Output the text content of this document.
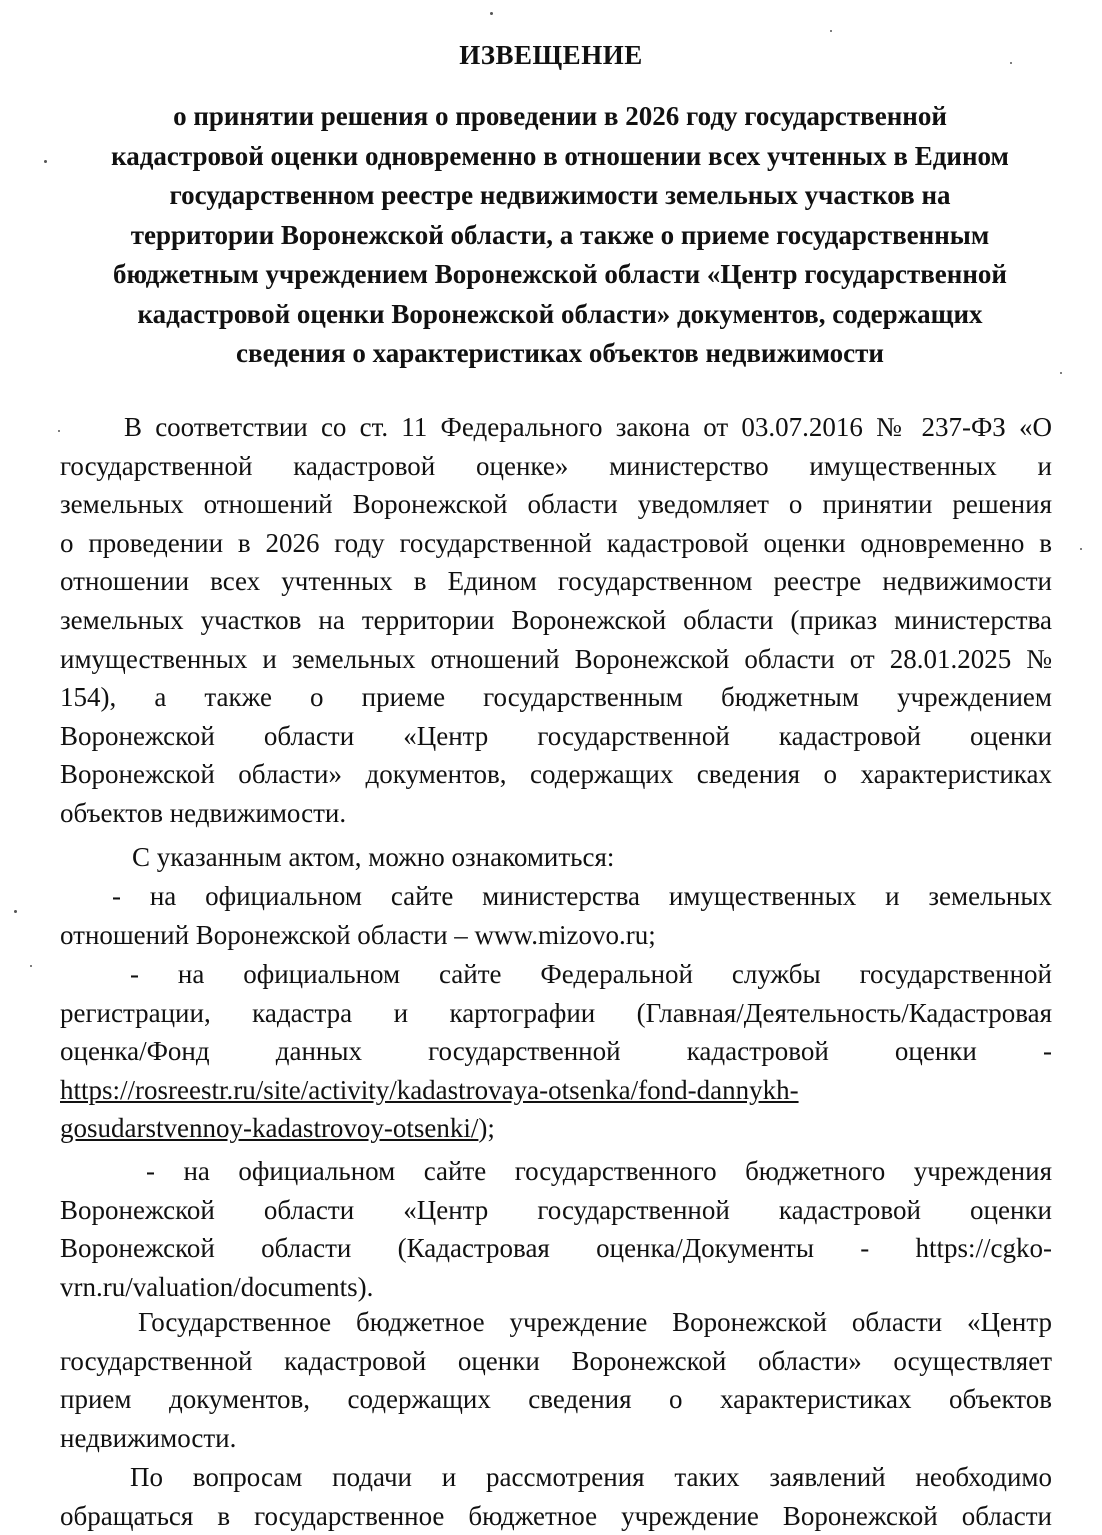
ИЗВЕЩЕНИЕ
о принятии решения о проведении в 2026 году государственной
кадастровой оценки одновременно в отношении всех учтенных в Едином
государственном реестре недвижимости земельных участков на
территории Воронежской области, а также о приеме государственным
бюджетным учреждением Воронежской области «Центр государственной
кадастровой оценки Воронежской области» документов, содержащих
сведения о характеристиках объектов недвижимости
В соответствии со ст. 11 Федерального закона от 03.07.2016 № 237-ФЗ «О
государственной кадастровой оценке» министерство имущественных и
земельных отношений Воронежской области уведомляет о принятии решения
о проведении в 2026 году государственной кадастровой оценки одновременно в
отношении всех учтенных в Едином государственном реестре недвижимости
земельных участков на территории Воронежской области (приказ министерства
имущественных и земельных отношений Воронежской области от 28.01.2025 №
154), а также о приеме государственным бюджетным учреждением
Воронежской области «Центр государственной кадастровой оценки
Воронежской области» документов, содержащих сведения о характеристиках
объектов недвижимости.
С указанным актом, можно ознакомиться:
- на официальном сайте министерства имущественных и земельных
отношений Воронежской области – www.mizovo.ru;
- на официальном сайте Федеральной службы государственной
регистрации, кадастра и картографии (Главная/Деятельность/Кадастровая
оценка/Фонд данных государственной кадастровой оценки -
https://rosreestr.ru/site/activity/kadastrovaya-otsenka/fond-dannykh-
gosudarstvennoy-kadastrovoy-otsenki/);
- на официальном сайте государственного бюджетного учреждения
Воронежской области «Центр государственной кадастровой оценки
Воронежской области (Кадастровая оценка/Документы - https://cgko-
vrn.ru/valuation/documents).
Государственное бюджетное учреждение Воронежской области «Центр
государственной кадастровой оценки Воронежской области» осуществляет
прием документов, содержащих сведения о характеристиках объектов
недвижимости.
По вопросам подачи и рассмотрения таких заявлений необходимо
обращаться в государственное бюджетное учреждение Воронежской области
